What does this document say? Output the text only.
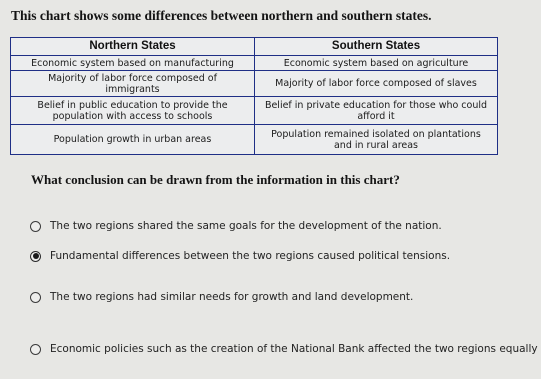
This chart shows some differences between northern and southern states.
Northern States	Southern States
Economic system based on manufacturing	Economic system based on agriculture
Majority of labor force composed of immigrants	Majority of labor force composed of slaves
Belief in public education to provide the population with access to schools	Belief in private education for those who could afford it
Population growth in urban areas	Population remained isolated on plantations and in rural areas
What conclusion can be drawn from the information in this chart?
The two regions shared the same goals for the development of the nation.
Fundamental differences between the two regions caused political tensions.
The two regions had similar needs for growth and land development.
Economic policies such as the creation of the National Bank affected the two regions equally
